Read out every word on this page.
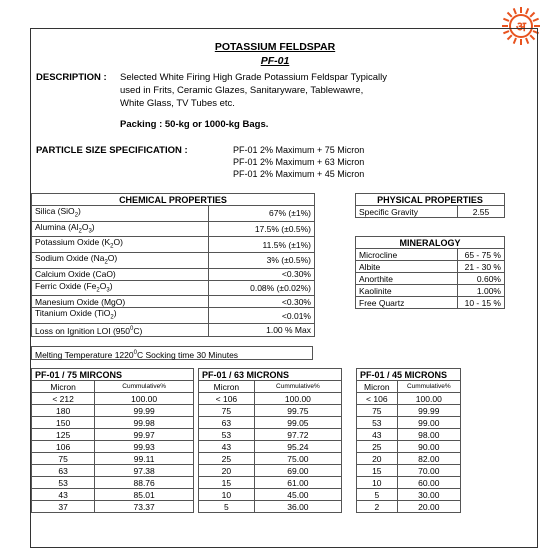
अ
POTASSIUM FELDSPAR
PF-01
DESCRIPTION : Selected White Firing High Grade Potassium Feldspar Typically
used in Frits, Ceramic Glazes, Sanitaryware, Tablewawre,
White Glass, TV Tubes etc.
Packing : 50-kg or 1000-kg Bags.
PARTICLE SIZE SPECIFICATION :	PF-01 2% Maximum + 75 Micron
PF-01 2% Maximum + 63 Micron
PF-01 2% Maximum + 45 Micron
CHEMICAL PROPERTIES	
Silica (SiO$_2$)	67% (±1%)
Alumina $(Al_2O_3)$	17.5% (±0.5%)
Potassium Oxide $(K_2O)$	11.5% (±1%)
Sodium Oxide $(Na_2O)$	3% (±0.5%)
Calcium Oxide (CaO)	<0.30%
Ferric Oxide $(Fe_2O_3)$	0.08% (±0.02%)
Manesium Oxide (MgO)	<0.30%
Titanium Oxide (TiO$_2$)	<0.01%
Loss on Ignition LOI $(950^0C)$	1.00 % Max
PHYSICAL PROPERTIES
Specific Gravity	2.55
MINERALOGY	
Microcline	65 - 75 %
Albite	21 - 30 %
Anorthite	0.60%
Kaolinite	1.00%
Free Quartz	10 - 15 %
Melting Temperature 1220$^0$C Socking time 30 Minutes
PF-01 / 75 MIRCONS	
Micron	Cummulative%
< 212	100.00
180	99.99
150	99.98
125	99.97
106	99.93
75	99.11
63	97.38
53	88.76
43	85.01
37	73.37
PF-01 / 63 MICRONS	
Micron	Cummulative%
< 106	100.00
75	99.75
63	99.05
53	97.72
43	95.24
25	75.00
20	69.00
15	61.00
10	45.00
5	36.00
PF-01 / 45 MICRONS	
Micron	Cummulative%
< 106	100.00
75	99.99
53	99.00
43	98.00
25	90.00
20	82.00
15	70.00
10	60.00
5	30.00
2	20.00
